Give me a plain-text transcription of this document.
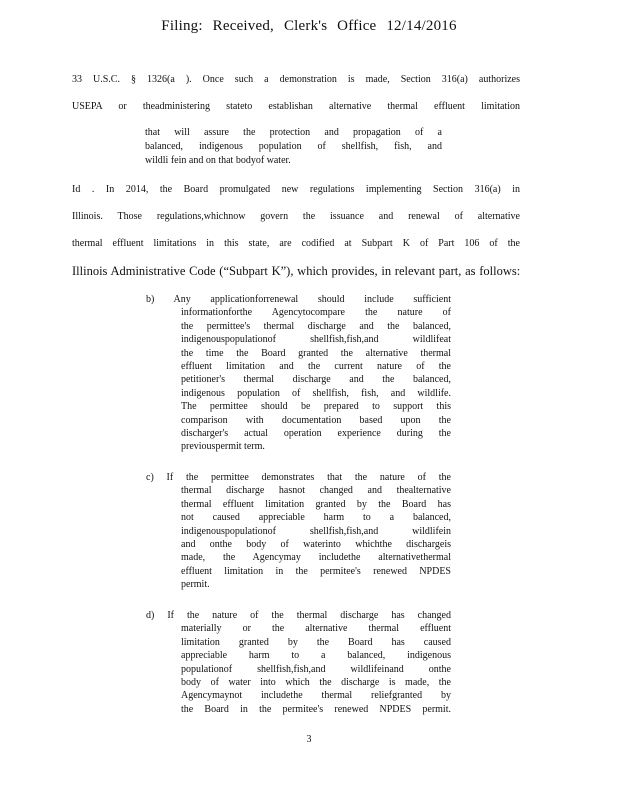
Filing: Received, Clerk's Office 12/14/2016
33 U.S.C. § 1326(a ). Once such a demonstration is made, Section 316(a) authorizes
USEPA or theadministering stateto establishan alternative thermal effluent limitation
that will assure the protection and propagation of a
balanced, indigenous population of shellfish, fish, and
wildli fein and on that bodyof water.
Id . In 2014, the Board promulgated new regulations implementing Section 316(a) in
Illinois. Those regulations,whichnow govern the issuance and renewal of alternative
thermal effluent limitations in this state, are codified at Subpart K of Part 106 of the
Illinois Administrative Code (“Subpart K”), which provides, in relevant part, as follows:
b) Any applicationforrenewal should include sufficient
informationforthe Agencytocompare the nature of
the permittee's thermal discharge and the balanced,
indigenouspopulationof shellfish,fish,and wildlifeat
the time the Board granted the alternative thermal
effluent limitation and the current nature of the
petitioner's thermal discharge and the balanced,
indigenous population of shellfish, fish, and wildlife.
The permittee should be prepared to support this
comparison with documentation based upon the
discharger's actual operation experience during the
previouspermit term.
c) If the permittee demonstrates that the nature of the
thermal discharge hasnot changed and thealternative
thermal effluent limitation granted by the Board has
not caused appreciable harm to a balanced,
indigenouspopulationof shellfish,fish,and wildlifein
and onthe body of waterinto whichthe dischargeis
made, the Agencymay includethe alternativethermal
effluent limitation in the permitee's renewed NPDES
permit.
d) If the nature of the thermal discharge has changed
materially or the alternative thermal effluent
limitation granted by the Board has caused
appreciable harm to a balanced, indigenous
populationof shellfish,fish,and wildlifeinand onthe
body of water into which the discharge is made, the
Agencymaynot includethe thermal reliefgranted by
the Board in the permitee's renewed NPDES permit.
3
